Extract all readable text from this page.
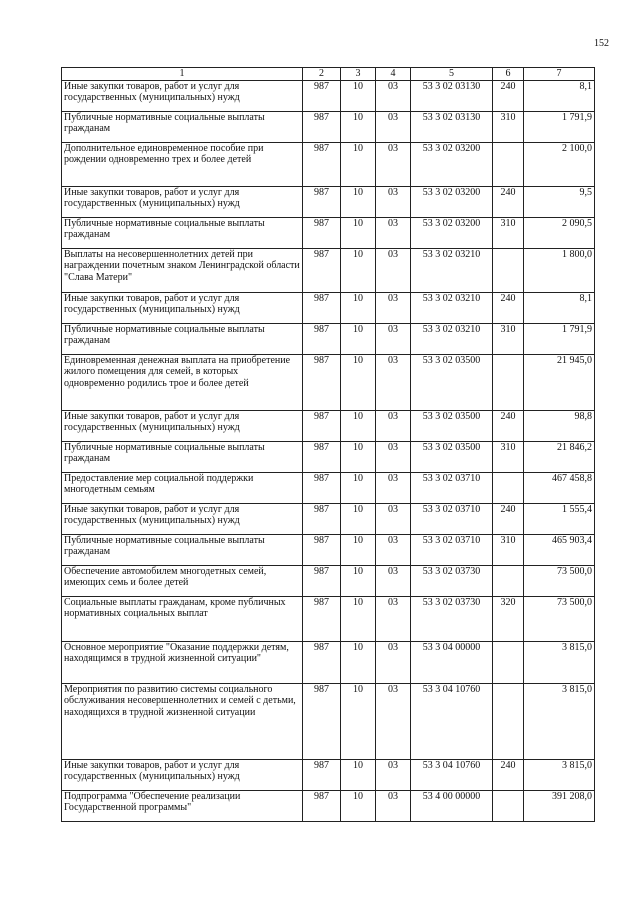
152
1	2	3	4	5	6	7
Иные закупки товаров, работ и услуг для государственных (муниципальных) нужд	987	10	03	53 3 02 03130	240	8,1
Публичные нормативные социальные выплаты гражданам	987	10	03	53 3 02 03130	310	1 791,9
Дополнительное единовременное пособие при рождении одновременно трех и более детей	987	10	03	53 3 02 03200		2 100,0
Иные закупки товаров, работ и услуг для государственных (муниципальных) нужд	987	10	03	53 3 02 03200	240	9,5
Публичные нормативные социальные выплаты гражданам	987	10	03	53 3 02 03200	310	2 090,5
Выплаты на несовершеннолетних детей при награждении почетным знаком Ленинградской области "Слава Матери"	987	10	03	53 3 02 03210		1 800,0
Иные закупки товаров, работ и услуг для государственных (муниципальных) нужд	987	10	03	53 3 02 03210	240	8,1
Публичные нормативные социальные выплаты гражданам	987	10	03	53 3 02 03210	310	1 791,9
Единовременная денежная выплата на приобретение жилого помещения для семей, в которых одновременно родились трое и более детей	987	10	03	53 3 02 03500		21 945,0
Иные закупки товаров, работ и услуг для государственных (муниципальных) нужд	987	10	03	53 3 02 03500	240	98,8
Публичные нормативные социальные выплаты гражданам	987	10	03	53 3 02 03500	310	21 846,2
Предоставление мер социальной поддержки многодетным семьям	987	10	03	53 3 02 03710		467 458,8
Иные закупки товаров, работ и услуг для государственных (муниципальных) нужд	987	10	03	53 3 02 03710	240	1 555,4
Публичные нормативные социальные выплаты гражданам	987	10	03	53 3 02 03710	310	465 903,4
Обеспечение автомобилем многодетных семей, имеющих семь и более детей	987	10	03	53 3 02 03730		73 500,0
Социальные выплаты гражданам, кроме публичных нормативных социальных выплат	987	10	03	53 3 02 03730	320	73 500,0
Основное мероприятие "Оказание поддержки детям, находящимся в трудной жизненной ситуации"	987	10	03	53 3 04 00000		3 815,0
Мероприятия по развитию системы социального обслуживания несовершеннолетних и семей с детьми, находящихся в трудной жизненной ситуации	987	10	03	53 3 04 10760		3 815,0
Иные закупки товаров, работ и услуг для государственных (муниципальных) нужд	987	10	03	53 3 04 10760	240	3 815,0
Подпрограмма "Обеспечение реализации Государственной программы"	987	10	03	53 4 00 00000		391 208,0
